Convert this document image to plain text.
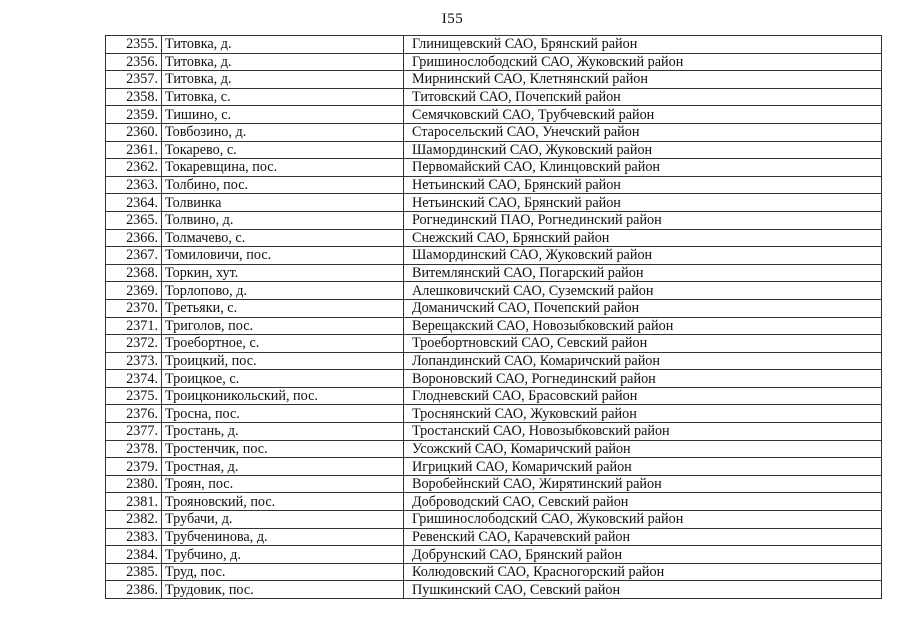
I55
2355.	Титовка, д.	Глинищевский САО, Брянский район
2356.	Титовка, д.	Гришинослободский САО, Жуковский район
2357.	Титовка, д.	Мирнинский САО, Клетнянский район
2358.	Титовка, с.	Титовский САО, Почепский район
2359.	Тишино, с.	Семячковский САО, Трубчевский район
2360.	Товбозино, д.	Старосельский САО, Унечский район
2361.	Токарево, с.	Шамординский САО, Жуковский район
2362.	Токаревщина, пос.	Первомайский САО, Клинцовский район
2363.	Толбино, пос.	Нетьинский САО, Брянский район
2364.	Толвинка	Нетьинский САО, Брянский район
2365.	Толвино, д.	Рогнединский ПАО, Рогнединский район
2366.	Толмачево, с.	Снежский САО, Брянский район
2367.	Томиловичи, пос.	Шамординский САО, Жуковский район
2368.	Торкин, хут.	Витемлянский САО, Погарский район
2369.	Торлопово, д.	Алешковичский САО, Суземский район
2370.	Третьяки, с.	Доманичский САО, Почепский район
2371.	Триголов, пос.	Верещакский САО, Новозыбковский район
2372.	Троебортное, с.	Троебортновский САО, Севский район
2373.	Троицкий, пос.	Лопандинский САО, Комаричский район
2374.	Троицкое, с.	Вороновский САО, Рогнединский район
2375.	Троицконикольский, пос.	Глодневский САО, Брасовский район
2376.	Тросна, пос.	Троснянский САО, Жуковский район
2377.	Тростань, д.	Тростанский САО, Новозыбковский район
2378.	Тростенчик, пос.	Усожский САО, Комаричский район
2379.	Тростная, д.	Игрицкий САО, Комаричский район
2380.	Троян, пос.	Воробейнский САО, Жирятинский район
2381.	Трояновский, пос.	Доброводский САО, Севский район
2382.	Трубачи, д.	Гришинослободский САО, Жуковский район
2383.	Трубченинова, д.	Ревенский САО, Карачевский район
2384.	Трубчино, д.	Добрунский САО, Брянский район
2385.	Труд, пос.	Колюдовский САО, Красногорский район
2386.	Трудовик, пос.	Пушкинский САО, Севский район
